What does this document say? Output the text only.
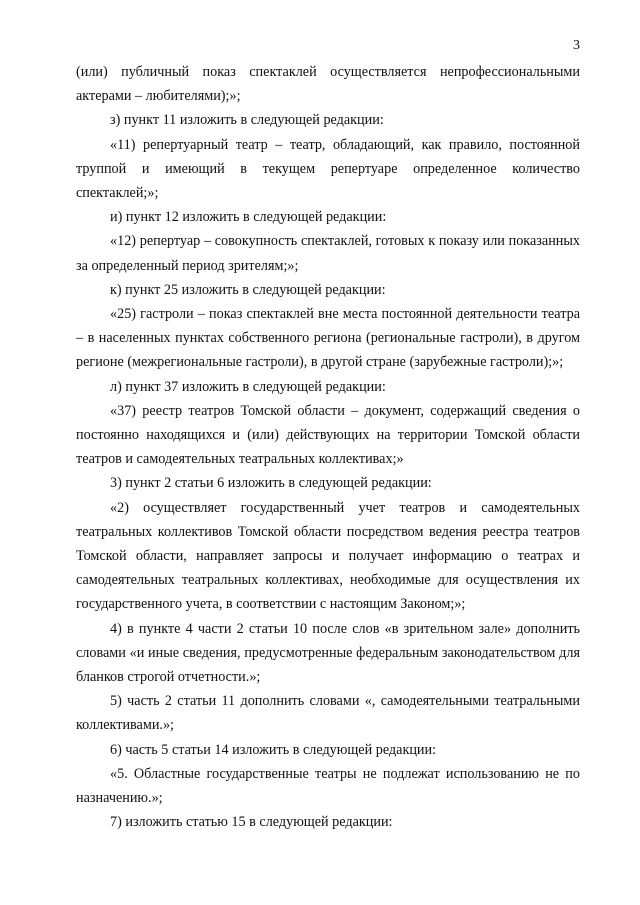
3

(или) публичный показ спектаклей осуществляется непрофессиональными актерами – любителями);»;

з) пункт 11 изложить в следующей редакции:

«11) репертуарный театр – театр, обладающий, как правило, постоянной труппой и имеющий в текущем репертуаре определенное количество спектаклей;»;

и) пункт 12 изложить в следующей редакции:

«12) репертуар – совокупность спектаклей, готовых к показу или показанных за определенный период зрителям;»;

к) пункт 25 изложить в следующей редакции:

«25) гастроли – показ спектаклей вне места постоянной деятельности театра – в населенных пунктах собственного региона (региональные гастроли), в другом регионе (межрегиональные гастроли), в другой стране (зарубежные гастроли);»;

л) пункт 37 изложить в следующей редакции:

«37) реестр театров Томской области – документ, содержащий сведения о постоянно находящихся и (или) действующих на территории Томской области театров и самодеятельных театральных коллективах;»

3) пункт 2 статьи 6 изложить в следующей редакции:

«2) осуществляет государственный учет театров и самодеятельных театральных коллективов Томской области посредством ведения реестра театров Томской области, направляет запросы и получает информацию о театрах и самодеятельных театральных коллективах, необходимые для осуществления их государственного учета, в соответствии с настоящим Законом;»;

4) в пункте 4 части 2 статьи 10 после слов «в зрительном зале» дополнить словами «и иные сведения, предусмотренные федеральным законодательством для бланков строгой отчетности.»;

5) часть 2 статьи 11 дополнить словами «, самодеятельными театральными коллективами.»;

6) часть 5 статьи 14 изложить в следующей редакции:

«5. Областные государственные театры не подлежат использованию не по назначению.»;

7) изложить статью 15 в следующей редакции:
